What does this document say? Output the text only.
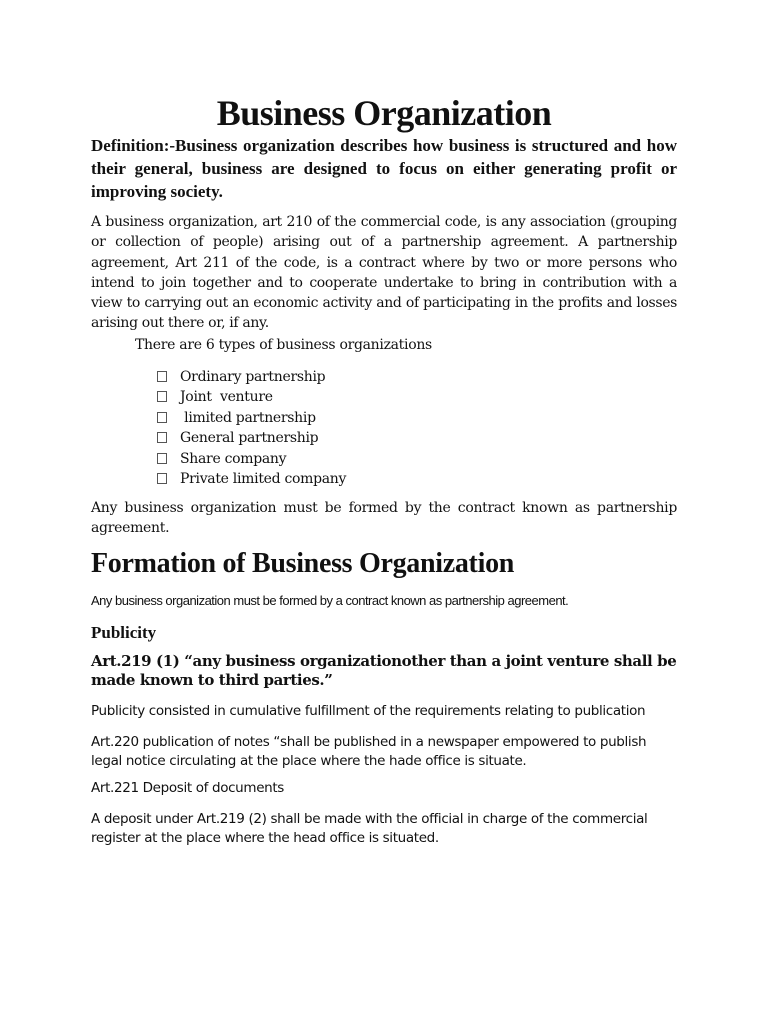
Business Organization

Definition:-Business organization describes how business is structured and how their general, business are designed to focus on either generating profit or improving society.

A business organization, art 210 of the commercial code, is any association (grouping or collection of people) arising out of a partnership agreement. A partnership agreement, Art 211 of the code, is a contract where by two or more persons who intend to join together and to cooperate undertake to bring in contribution with a view to carrying out an economic activity and of participating in the profits and losses arising out there or, if any.

There are 6 types of business organizations

Ordinary partnership
Joint  venture
limited partnership
General partnership
Share company
Private limited company

Any business organization must be formed by the contract known as partnership agreement.

Formation of Business Organization

Any business organization must be formed by a contract known as partnership agreement.

Publicity

Art.219 (1) “any business organizationother than a joint venture shall be made known to third parties.”

Publicity consisted in cumulative fulfillment of the requirements relating to publication

Art.220 publication of notes “shall be published in a newspaper empowered to publish legal notice circulating at the place where the hade office is situate.

Art.221 Deposit of documents

A deposit under Art.219 (2) shall be made with the official in charge of the commercial register at the place where the head office is situated.
